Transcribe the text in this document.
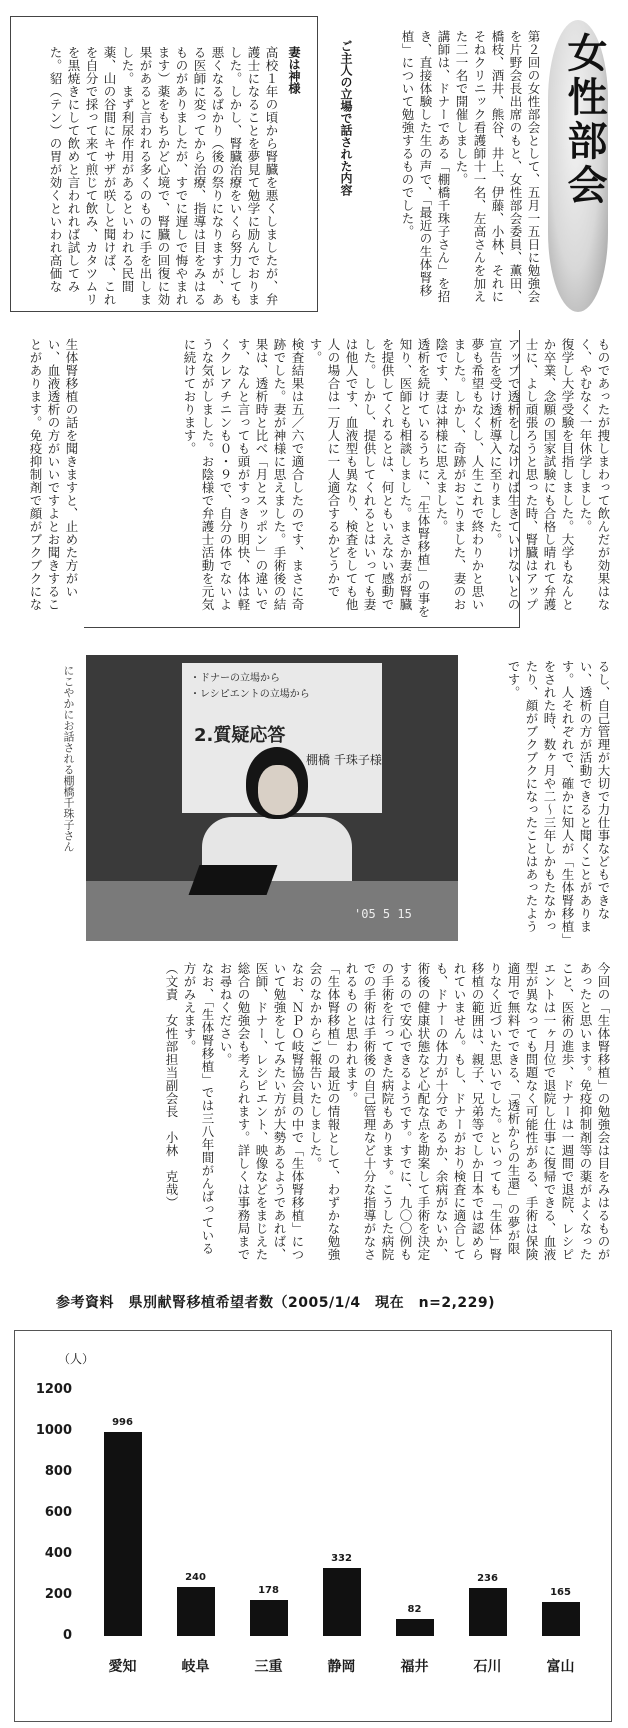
女性部会
第２回の女性部会として、五月一五日に勉強会を片野会長出席のもと、女性部会委員、薫田、橋枝、酒井、熊谷、井上、伊藤、小林、それにそねクリニック看護師十一名、左高さんを加えた二一名で開催しました。
講師は、ドナーである「棚橋千珠子さん」を招き、直接体験した生の声で、「最近の生体腎移植」について勉強するものでした。
ご主人の立場で話された内容
妻は神様
高校１年の頃から腎臓を悪くしましたが、弁護士になることを夢見て勉学に励んでおりました。しかし、腎臓治療をいくら努力しても悪くなるばかり（後の祭りになりますが、ある医師に変ってから治療、指導は目をみはるものがありましたが、すでに遅しで悔やまれます）薬をもちかど心境で、腎臓の回復に効果があると言われる多くのものに手を出しました。まず利尿作用があるといわれる民間薬、山の谷間にキサザが咲しと聞けば、これを自分で採って来て煎じて飲み、カタツムリを黒焼きにして飲めと言われれば試してみた。貂（テン）の胃が効くといわれ高価な
ものであったが捜しまわって飲んだが効果はなく、やむなく一年休学しました。
復学し大学受験を目指しました。大学もなんとか卒業、念願の国家試験にも合格し晴れて弁護士に、よし頑張ろうと思った時、腎臓はアップアップで透析をしなければ生きていけないとの宣告を受け透析導入に至りました。
夢も希望もなくし、人生これで終わりかと思いました。しかし、奇跡がおこりました、妻のお陰です、妻は神様に思えました。
透析を続けているうちに、「生体腎移植」の事を知り、医師とも相談しました。まさか妻が腎臓を提供してくれるとは、何ともいえない感動でした。しかし、提供してくれるとはいっても妻は他人です、血液型も異なり、検査をしても他人の場合は一万人に一人適合するかどうかです。
検査結果は五／六で適合したのです、まさに奇跡でした。妻が神様に思えました。手術後の結果は、透析時と比べ「月とスッポン」の違いです、なんと言っても頭がすっきり明快、体は軽くクレアチニンも０・９で、自分の体でないような気がしました。お陰様で弁護士活動を元気に続けております。
生体腎移植の話を聞きますと、止めた方がいい、血液透析の方がいいですよとお聞きすることがあります。免疫抑制剤で顔がブクブクにな
るし、自己管理が大切で力仕事などもできない、透析の方が活動できると聞くことがあります。人それぞれで、確かに知人が「生体腎移植」をされた時、数ヶ月や二〜三年しかもたなかったり、顔がブクブクになったことはあったようです。
・ドナーの立場から
・レシピエントの立場から
2.質疑応答
棚橋 千珠子様
'05 5 15
にこやかにお話される棚橋千珠子さん
今回の「生体腎移植」の勉強会は目をみはるものがあったと思います。免疫抑制剤等の薬がよくなったこと、医術の進歩、ドナーは一週間で退院、レシピエントは一ヶ月位で退院し仕事に復帰できる、血液型が異なっても問題なく可能性がある、手術は保険適用で無料でできる、「透析からの生還」の夢が限りなく近づいた思いでした。といっても「生体」腎移植の範囲は、親子、兄弟等でしか日本では認められていません。もし、ドナーがおり検査に適合しても、ドナーの体力が十分であるか、余病がないか、術後の健康状態など心配な点を勘案して手術を決定するので安心できるようです。すでに、九〇〇例もの手術を行ってきた病院もあります。こうした病院での手術は手術後の自己管理など十分な指導がなされるものと思われます。
「生体腎移植」の最近の情報として、わずかな勉強会のなかからご報告いたしました。
なお、ＮＰＯ岐腎協会員の中で「生体腎移植」について勉強をしてみたい方が大勢あるようであれば、医師、ドナー、レシピエント、映像などをまじえた総合の勉強会も考えられます。詳しくは事務局までお尋ねください。
なお、「生体腎移植」では三八年間がんばっている方がみえます。
（文責　女性部担当副会長　小林　克哉）
参考資料　県別献腎移植希望者数（2005/1/4　現在　n=2,229)
（人）
1200
1000
800
600
400
200
0
996
愛知
240
岐阜
178
三重
332
静岡
82
福井
236
石川
165
富山
